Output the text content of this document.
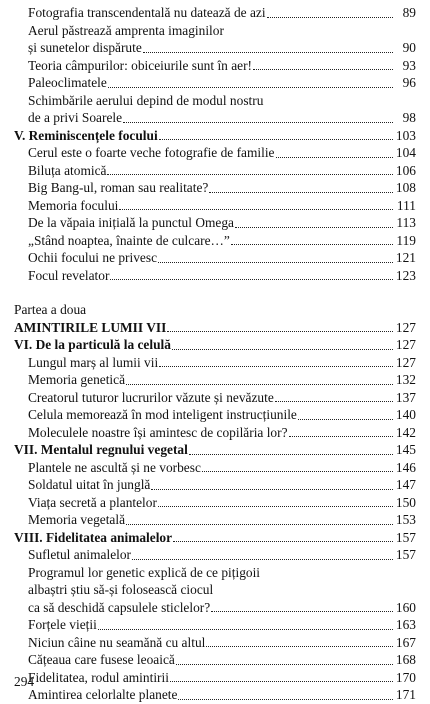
Fotografia transcendentală nu datează de azi	89
Aerul păstrează amprenta imaginilor
și sunetelor dispărute	90
Teoria câmpurilor: obiceiurile sunt în aer!	93
Paleoclimatele	96
Schimbările aerului depind de modul nostru
de a privi Soarele	98
V. Reminiscențele focului	103
Cerul este o foarte veche fotografie de familie	104
Biluța atomică	106
Big Bang-ul, roman sau realitate?	108
Memoria focului	111
De la văpaia inițială la punctul Omega	113
„Stând noaptea, înainte de culcare…”	119
Ochii focului ne privesc	121
Focul revelator	123
Partea a doua
AMINTIRILE LUMII VII	127
VI. De la particulă la celulă	127
Lungul marș al lumii vii	127
Memoria genetică	132
Creatorul tuturor lucrurilor văzute și nevăzute	137
Celula memorează în mod inteligent instrucțiunile	140
Moleculele noastre își amintesc de copilăria lor?	142
VII. Mentalul regnului vegetal	145
Plantele ne ascultă și ne vorbesc	146
Soldatul uitat în junglă	147
Viața secretă a plantelor	150
Memoria vegetală	153
VIII. Fidelitatea animalelor	157
Sufletul animalelor	157
Programul lor genetic explică de ce pițigoii
albaștri știu să-și folosească ciocul
ca să deschidă capsulele sticlelor?	160
Forțele vieții	163
Niciun câine nu seamănă cu altul	167
Cățeaua care fusese leoaică	168
Fidelitatea, rodul amintirii	170
Amintirea celorlalte planete	171
294
